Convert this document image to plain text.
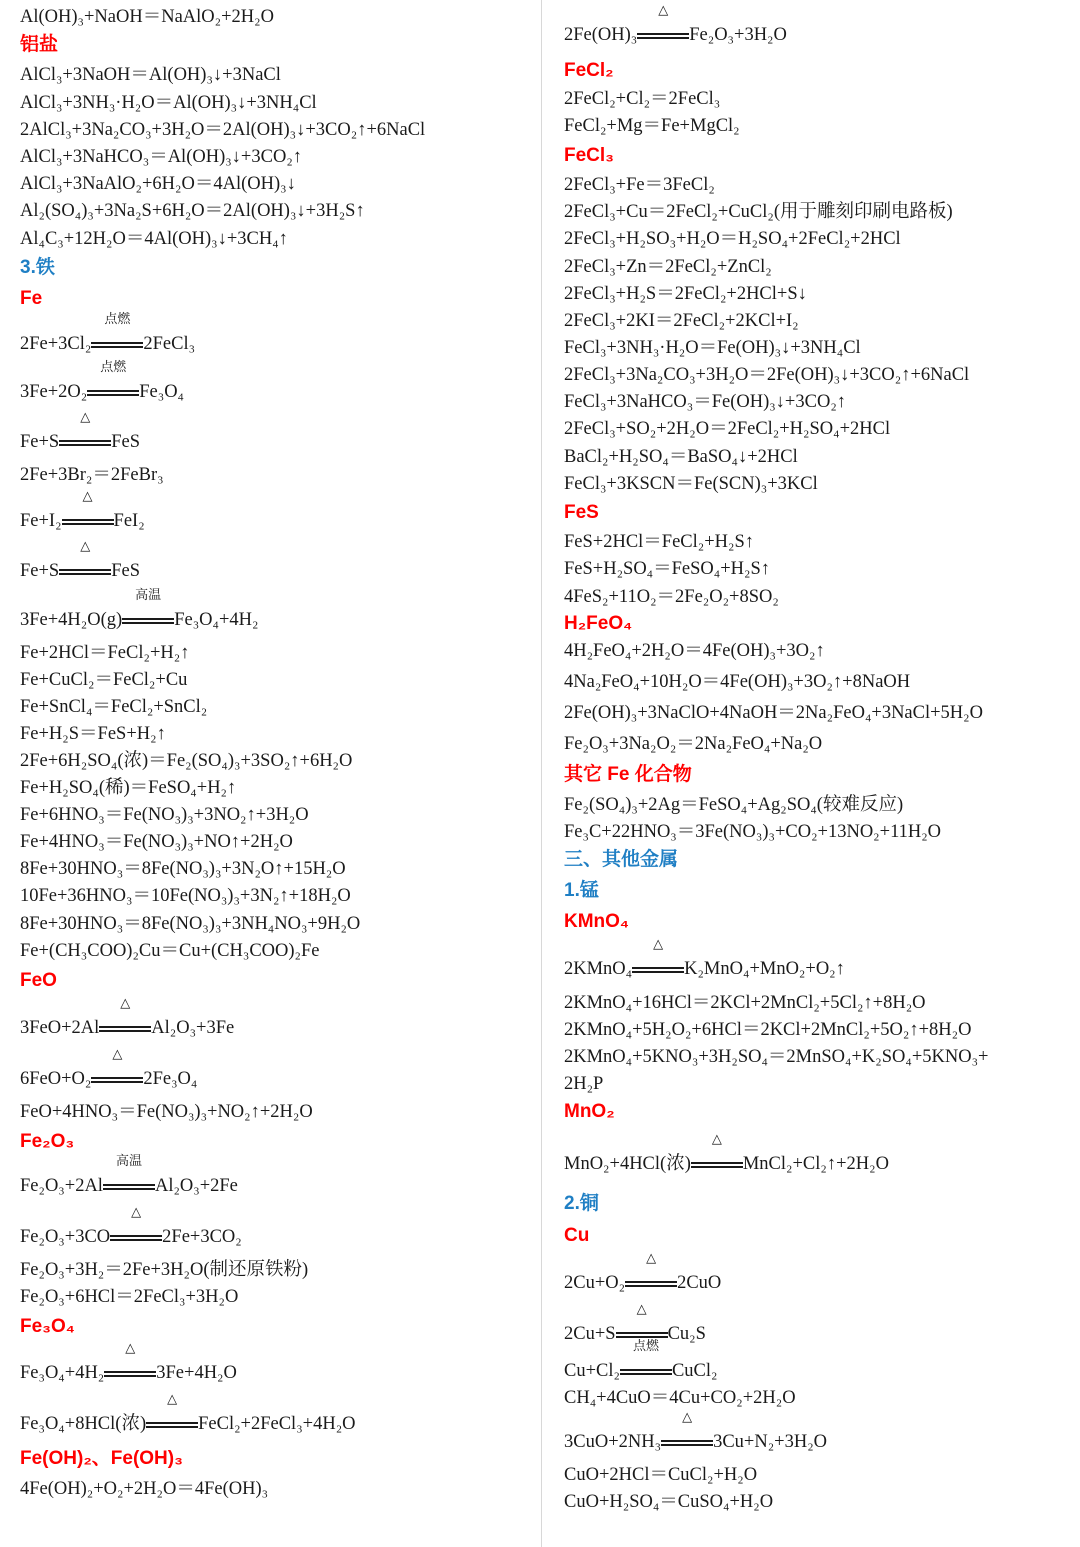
Al(OH)₃+NaOH＝NaAlO₂+2H₂O
铝盐
AlCl₃+3NaOH＝Al(OH)₃↓+3NaCl
AlCl₃+3NH₃·H₂O＝Al(OH)₃↓+3NH₄Cl
2AlCl₃+3Na₂CO₃+3H₂O＝2Al(OH)₃↓+3CO₂↑+6NaCl
AlCl₃+3NaHCO₃＝Al(OH)₃↓+3CO₂↑
AlCl₃+3NaAlO₂+6H₂O＝4Al(OH)₃↓
Al₂(SO₄)₃+3Na₂S+6H₂O＝2Al(OH)₃↓+3H₂S↑
Al₄C₃+12H₂O＝4Al(OH)₃↓+3CH₄↑
3.铁
Fe
2Fe+3Cl₂
点燃
2FeCl₃
3Fe+2O₂
点燃
Fe₃O₄
Fe+S
△
FeS
2Fe+3Br₂＝2FeBr₃
Fe+I₂
△
FeI₂
Fe+S
△
FeS
3Fe+4H₂O(g)
高温
Fe₃O₄+4H₂
Fe+2HCl＝FeCl₂+H₂↑
Fe+CuCl₂＝FeCl₂+Cu
Fe+SnCl₄＝FeCl₂+SnCl₂
Fe+H₂S＝FeS+H₂↑
2Fe+6H₂SO₄(浓)＝Fe₂(SO₄)₃+3SO₂↑+6H₂O
Fe+H₂SO₄(稀)＝FeSO₄+H₂↑
Fe+6HNO₃＝Fe(NO₃)₃+3NO₂↑+3H₂O
Fe+4HNO₃＝Fe(NO₃)₃+NO↑+2H₂O
8Fe+30HNO₃＝8Fe(NO₃)₃+3N₂O↑+15H₂O
10Fe+36HNO₃＝10Fe(NO₃)₃+3N₂↑+18H₂O
8Fe+30HNO₃＝8Fe(NO₃)₃+3NH₄NO₃+9H₂O
Fe+(CH₃COO)₂Cu＝Cu+(CH₃COO)₂Fe
FeO
3FeO+2Al
△
Al₂O₃+3Fe
6FeO+O₂
△
2Fe₃O₄
FeO+4HNO₃＝Fe(NO₃)₃+NO₂↑+2H₂O
Fe₂O₃
Fe₂O₃+2Al
高温
Al₂O₃+2Fe
Fe₂O₃+3CO
△
2Fe+3CO₂
Fe₂O₃+3H₂＝2Fe+3H₂O(制还原铁粉)
Fe₂O₃+6HCl＝2FeCl₃+3H₂O
Fe₃O₄
Fe₃O₄+4H₂
△
3Fe+4H₂O
Fe₃O₄+8HCl(浓)
△
FeCl₂+2FeCl₃+4H₂O
Fe(OH)₂、Fe(OH)₃
4Fe(OH)₂+O₂+2H₂O＝4Fe(OH)₃
2Fe(OH)₃
△
Fe₂O₃+3H₂O
FeCl₂
2FeCl₂+Cl₂＝2FeCl₃
FeCl₂+Mg＝Fe+MgCl₂
FeCl₃
2FeCl₃+Fe＝3FeCl₂
2FeCl₃+Cu＝2FeCl₂+CuCl₂(用于雕刻印刷电路板)
2FeCl₃+H₂SO₃+H₂O＝H₂SO₄+2FeCl₂+2HCl
2FeCl₃+Zn＝2FeCl₂+ZnCl₂
2FeCl₃+H₂S＝2FeCl₂+2HCl+S↓
2FeCl₃+2KI＝2FeCl₂+2KCl+I₂
FeCl₃+3NH₃·H₂O＝Fe(OH)₃↓+3NH₄Cl
2FeCl₃+3Na₂CO₃+3H₂O＝2Fe(OH)₃↓+3CO₂↑+6NaCl
FeCl₃+3NaHCO₃＝Fe(OH)₃↓+3CO₂↑
2FeCl₃+SO₂+2H₂O＝2FeCl₂+H₂SO₄+2HCl
BaCl₂+H₂SO₄＝BaSO₄↓+2HCl
FeCl₃+3KSCN＝Fe(SCN)₃+3KCl
FeS
FeS+2HCl＝FeCl₂+H₂S↑
FeS+H₂SO₄＝FeSO₄+H₂S↑
4FeS₂+11O₂＝2Fe₂O₂+8SO₂
H₂FeO₄
4H₂FeO₄+2H₂O＝4Fe(OH)₃+3O₂↑
4Na₂FeO₄+10H₂O＝4Fe(OH)₃+3O₂↑+8NaOH
2Fe(OH)₃+3NaClO+4NaOH＝2Na₂FeO₄+3NaCl+5H₂O
Fe₂O₃+3Na₂O₂＝2Na₂FeO₄+Na₂O
其它 Fe 化合物
Fe₂(SO₄)₃+2Ag＝FeSO₄+Ag₂SO₄(较难反应)
Fe₃C+22HNO₃＝3Fe(NO₃)₃+CO₂+13NO₂+11H₂O
三、其他金属
1.锰
KMnO₄
2KMnO₄
△
K₂MnO₄+MnO₂+O₂↑
2KMnO₄+16HCl＝2KCl+2MnCl₂+5Cl₂↑+8H₂O
2KMnO₄+5H₂O₂+6HCl＝2KCl+2MnCl₂+5O₂↑+8H₂O
2KMnO₄+5KNO₃+3H₂SO₄＝2MnSO₄+K₂SO₄+5KNO₃+
2H₂P
MnO₂
MnO₂+4HCl(浓)
△
MnCl₂+Cl₂↑+2H₂O
2.铜
Cu
2Cu+O₂
△
2CuO
2Cu+S
△
Cu₂S
Cu+Cl₂
点燃
CuCl₂
CH₄+4CuO＝4Cu+CO₂+2H₂O
3CuO+2NH₃
△
3Cu+N₂+3H₂O
CuO+2HCl＝CuCl₂+H₂O
CuO+H₂SO₄＝CuSO₄+H₂O
